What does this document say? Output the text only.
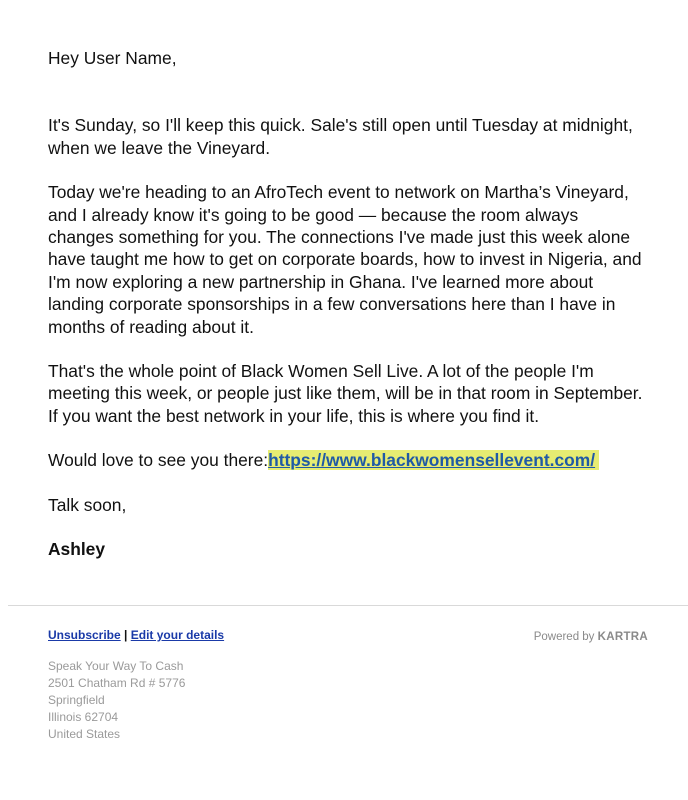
Hey User Name,

It's Sunday, so I'll keep this quick. Sale's still open until Tuesday at midnight, when we leave the Vineyard.

Today we're heading to an AfroTech event to network on Martha’s Vineyard, and I already know it's going to be good — because the room always changes something for you. The connections I've made just this week alone have taught me how to get on corporate boards, how to invest in Nigeria, and I'm now exploring a new partnership in Ghana. I've learned more about landing corporate sponsorships in a few conversations here than I have in months of reading about it.

That's the whole point of Black Women Sell Live. A lot of the people I'm meeting this week, or people just like them, will be in that room in September. If you want the best network in your life, this is where you find it.

Would love to see you there:https://www.blackwomensellevent.com/

Talk soon,

Ashley

Unsubscribe | Edit your details	Powered by KARTRA
Speak Your Way To Cash
2501 Chatham Rd # 5776
Springfield
Illinois 62704
United States
